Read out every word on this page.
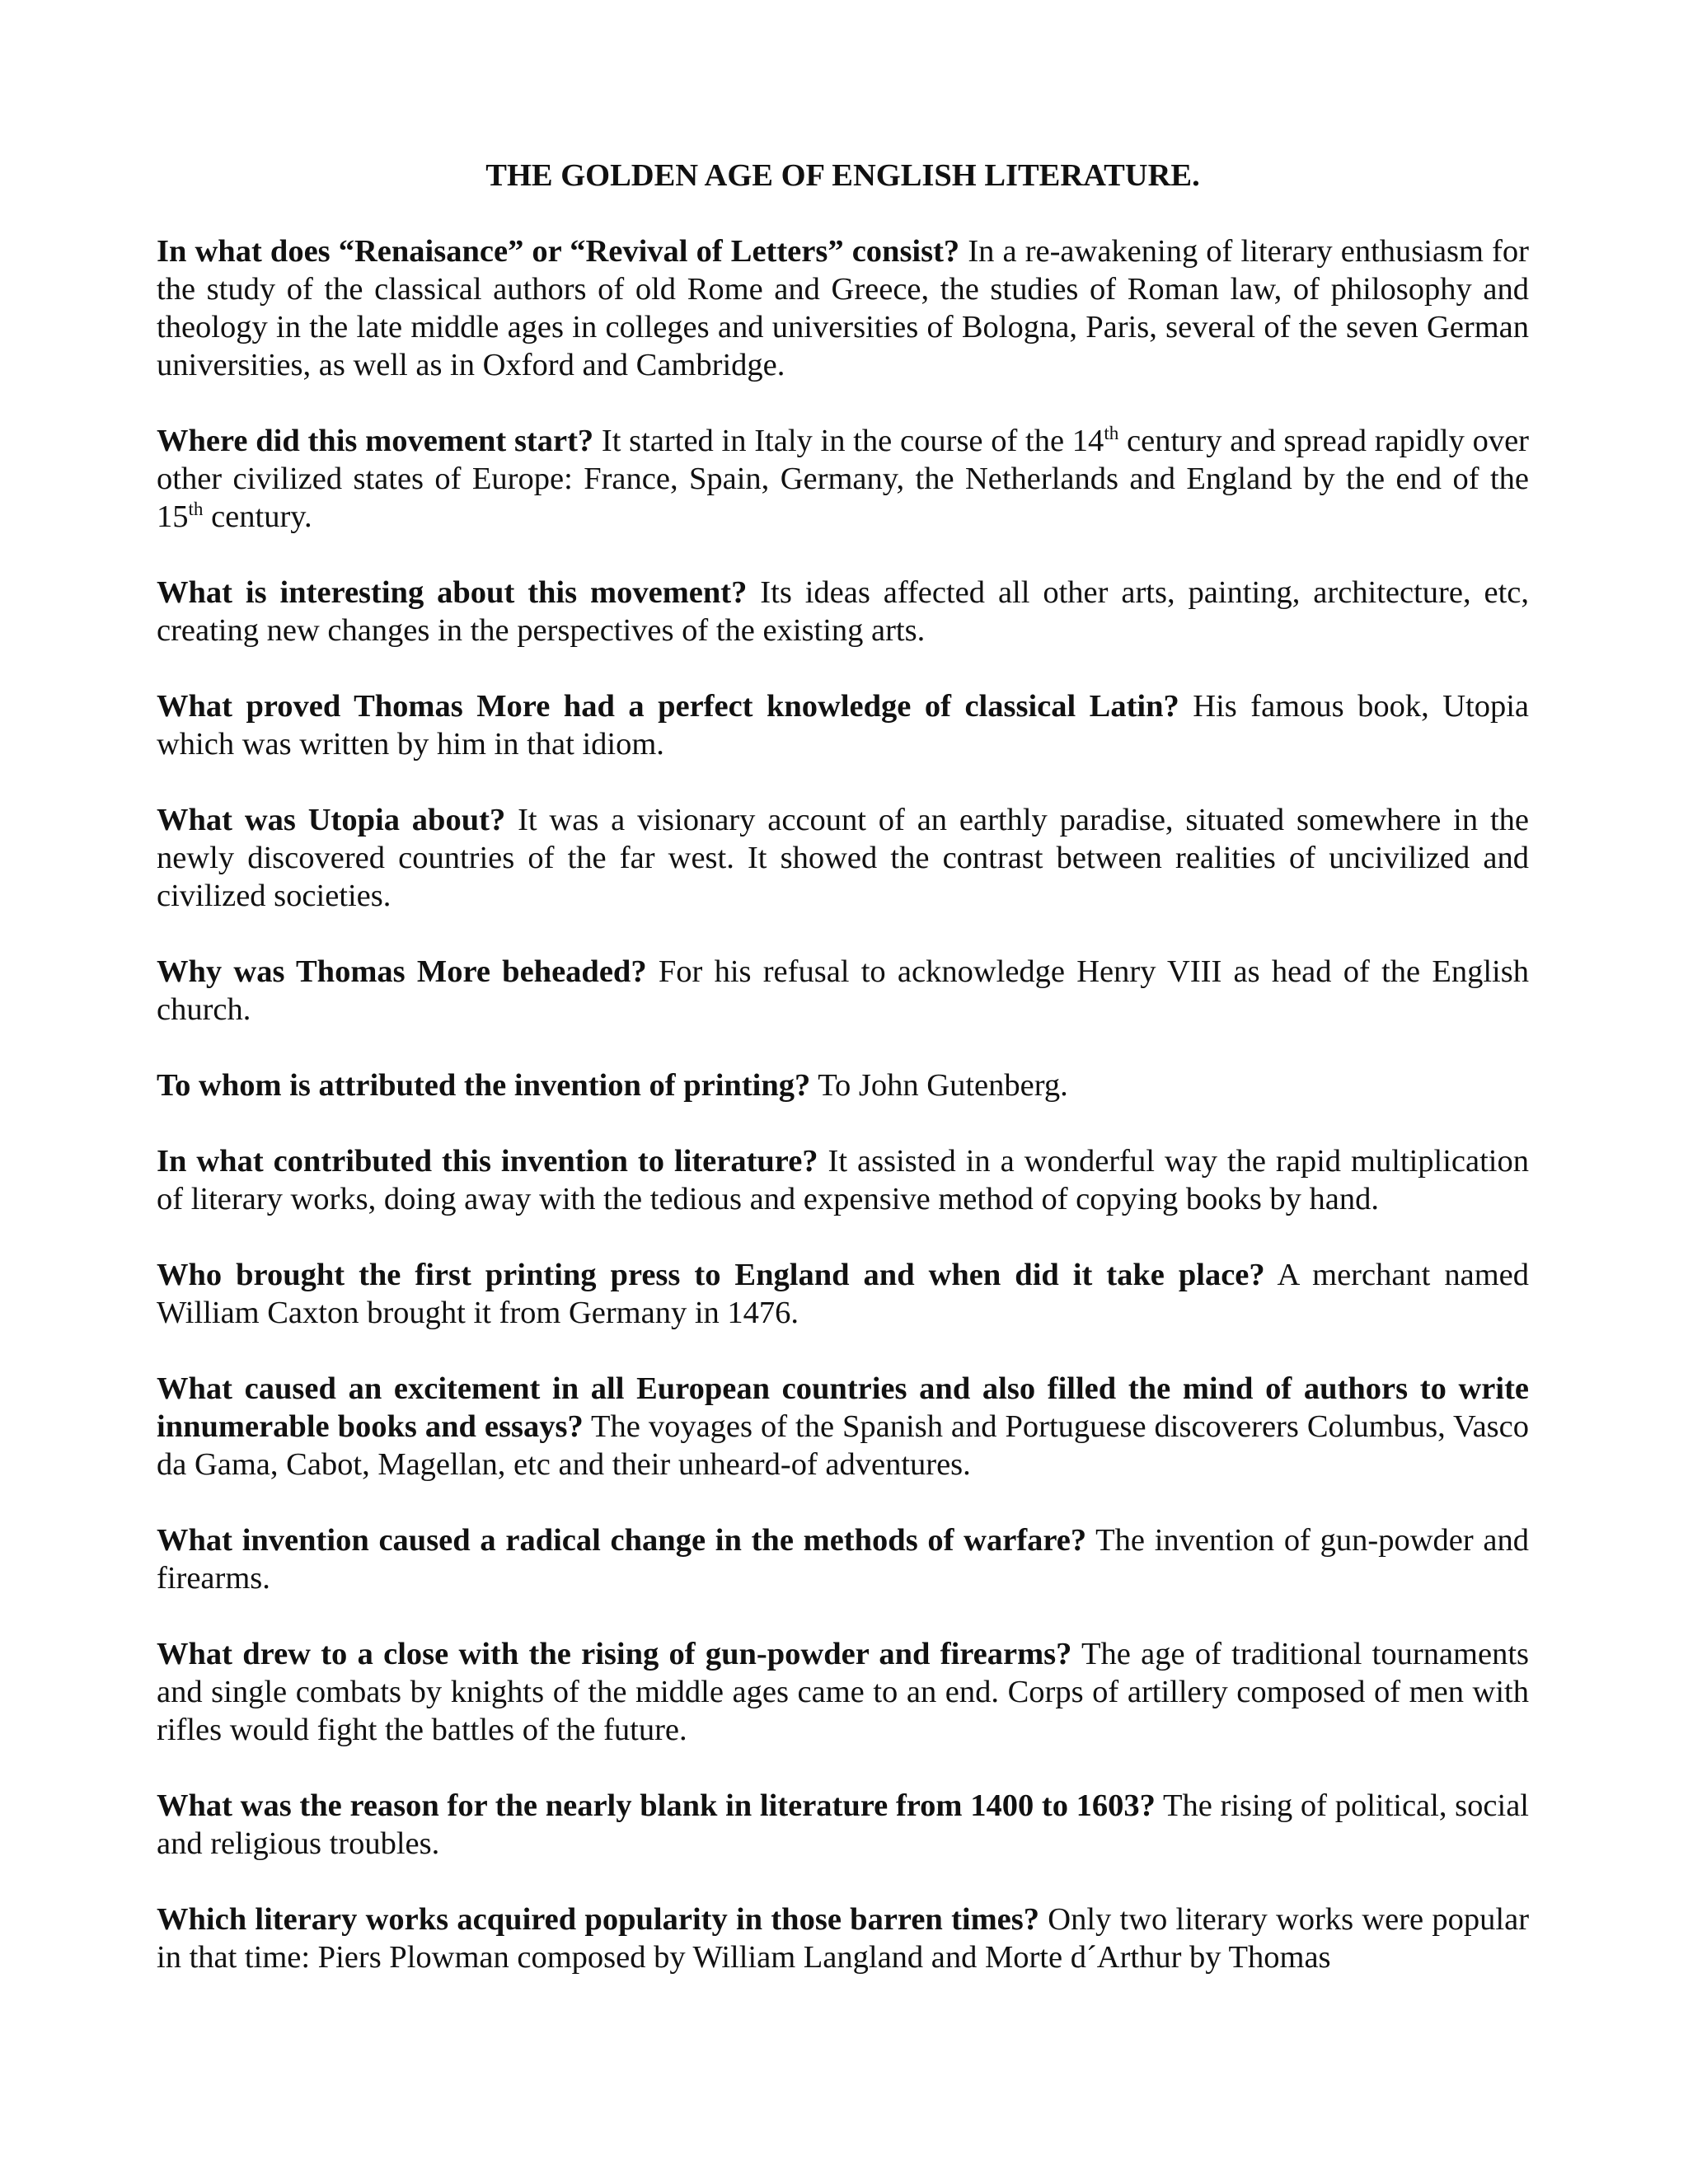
THE GOLDEN AGE OF ENGLISH LITERATURE.

In what does “Renaisance” or “Revival of Letters” consist? In a re-awakening of literary enthusiasm for the study of the classical authors of old Rome and Greece, the studies of Roman law, of philosophy and theology in the late middle ages in colleges and universities of Bologna, Paris, several of the seven German universities, as well as in Oxford and Cambridge.

Where did this movement start? It started in Italy in the course of the 14th century and spread rapidly over other civilized states of Europe: France, Spain, Germany, the Netherlands and England by the end of the 15th century.

What is interesting about this movement? Its ideas affected all other arts, painting, architecture, etc, creating new changes in the perspectives of the existing arts.

What proved Thomas More had a perfect knowledge of classical Latin? His famous book, Utopia which was written by him in that idiom.

What was Utopia about? It was a visionary account of an earthly paradise, situated somewhere in the newly discovered countries of the far west. It showed the contrast between realities of uncivilized and civilized societies.

Why was Thomas More beheaded? For his refusal to acknowledge Henry VIII as head of the English church.

To whom is attributed the invention of printing? To John Gutenberg.

In what contributed this invention to literature? It assisted in a wonderful way the rapid multiplication of literary works, doing away with the tedious and expensive method of copying books by hand.

Who brought the first printing press to England and when did it take place? A merchant named William Caxton brought it from Germany in 1476.

What caused an excitement in all European countries and also filled the mind of authors to write innumerable books and essays? The voyages of the Spanish and Portuguese discoverers Columbus, Vasco da Gama, Cabot, Magellan, etc and their unheard-of adventures.

What invention caused a radical change in the methods of warfare? The invention of gun-powder and firearms.

What drew to a close with the rising of gun-powder and firearms? The age of traditional tournaments and single combats by knights of the middle ages came to an end. Corps of artillery composed of men with rifles would fight the battles of the future.

What was the reason for the nearly blank in literature from 1400 to 1603? The rising of political, social and religious troubles.

Which literary works acquired popularity in those barren times? Only two literary works were popular in that time: Piers Plowman composed by William Langland and Morte d´Arthur by Thomas
